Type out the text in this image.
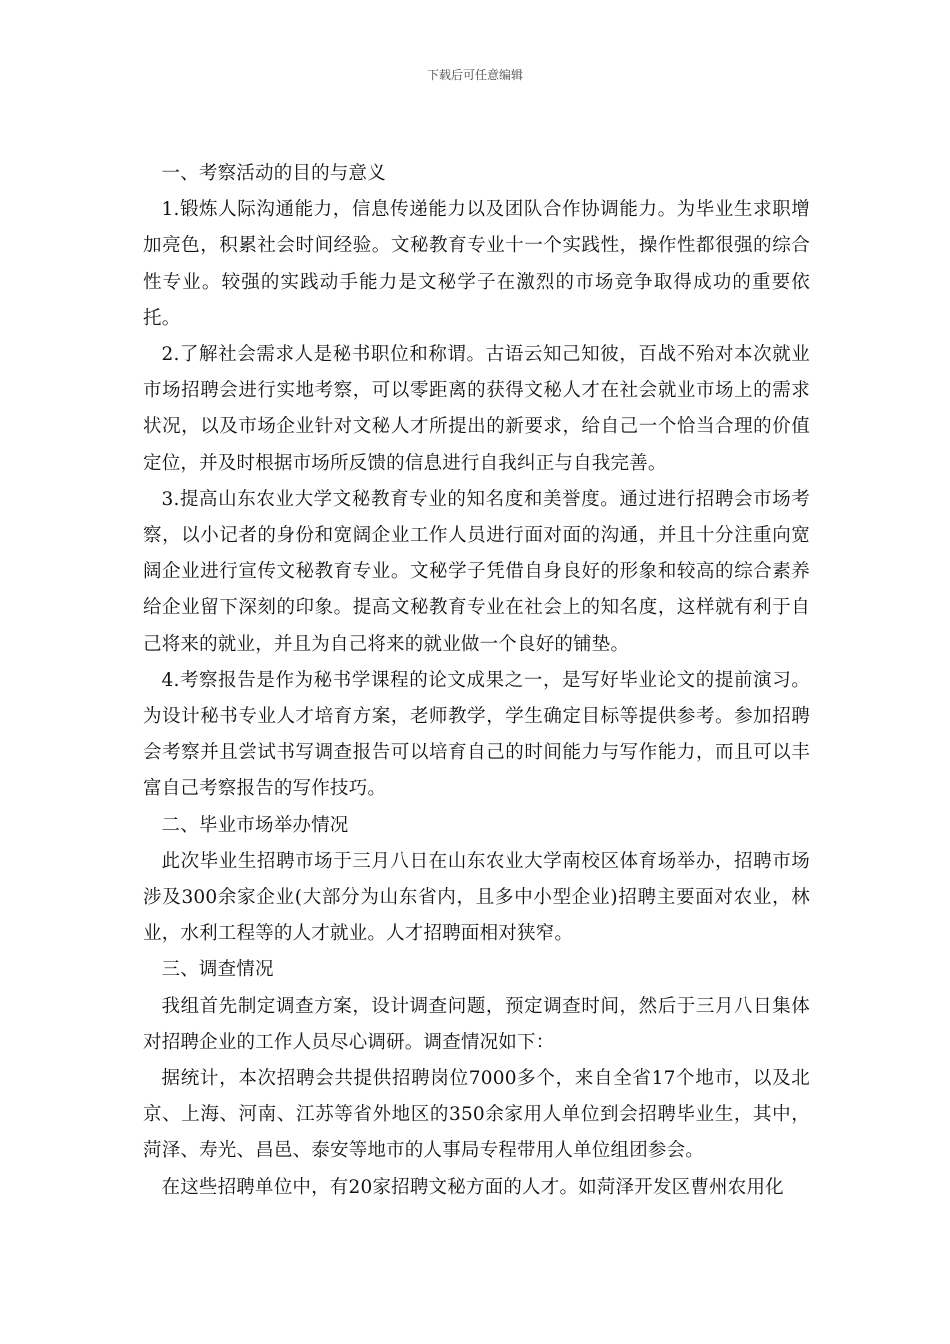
下载后可任意编辑

一、考察活动的目的与意义

1.锻炼人际沟通能力，信息传递能力以及团队合作协调能力。为毕业生求职增加亮色，积累社会时间经验。文秘教育专业十一个实践性，操作性都很强的综合性专业。较强的实践动手能力是文秘学子在激烈的市场竞争取得成功的重要依托。

2.了解社会需求人是秘书职位和称谓。古语云知己知彼，百战不殆对本次就业市场招聘会进行实地考察，可以零距离的获得文秘人才在社会就业市场上的需求状况，以及市场企业针对文秘人才所提出的新要求，给自己一个恰当合理的价值定位，并及时根据市场所反馈的信息进行自我纠正与自我完善。

3.提高山东农业大学文秘教育专业的知名度和美誉度。通过进行招聘会市场考察，以小记者的身份和宽阔企业工作人员进行面对面的沟通，并且十分注重向宽阔企业进行宣传文秘教育专业。文秘学子凭借自身良好的形象和较高的综合素养给企业留下深刻的印象。提高文秘教育专业在社会上的知名度，这样就有利于自己将来的就业，并且为自己将来的就业做一个良好的铺垫。

4.考察报告是作为秘书学课程的论文成果之一，是写好毕业论文的提前演习。为设计秘书专业人才培育方案，老师教学，学生确定目标等提供参考。参加招聘会考察并且尝试书写调查报告可以培育自己的时间能力与写作能力，而且可以丰富自己考察报告的写作技巧。

二、毕业市场举办情况

此次毕业生招聘市场于三月八日在山东农业大学南校区体育场举办，招聘市场涉及300余家企业(大部分为山东省内，且多中小型企业)招聘主要面对农业，林业，水利工程等的人才就业。人才招聘面相对狭窄。

三、调查情况

我组首先制定调查方案，设计调查问题，预定调查时间，然后于三月八日集体对招聘企业的工作人员尽心调研。调查情况如下：

据统计，本次招聘会共提供招聘岗位7000多个，来自全省17个地市，以及北京、上海、河南、江苏等省外地区的350余家用人单位到会招聘毕业生，其中，菏泽、寿光、昌邑、泰安等地市的人事局专程带用人单位组团参会。

在这些招聘单位中，有20家招聘文秘方面的人才。如菏泽开发区曹州农用化
